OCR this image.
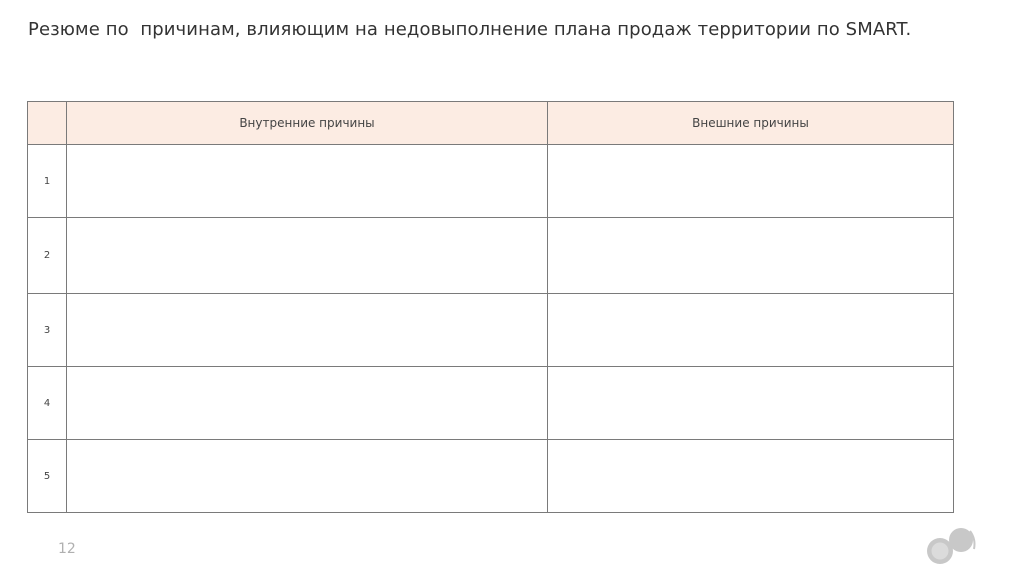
Резюме по  причинам, влияющим на недовыполнение плана продаж территории по SMART.
	Внутренние причины	Внешние причины
1		
2		
3		
4		
5		
12
